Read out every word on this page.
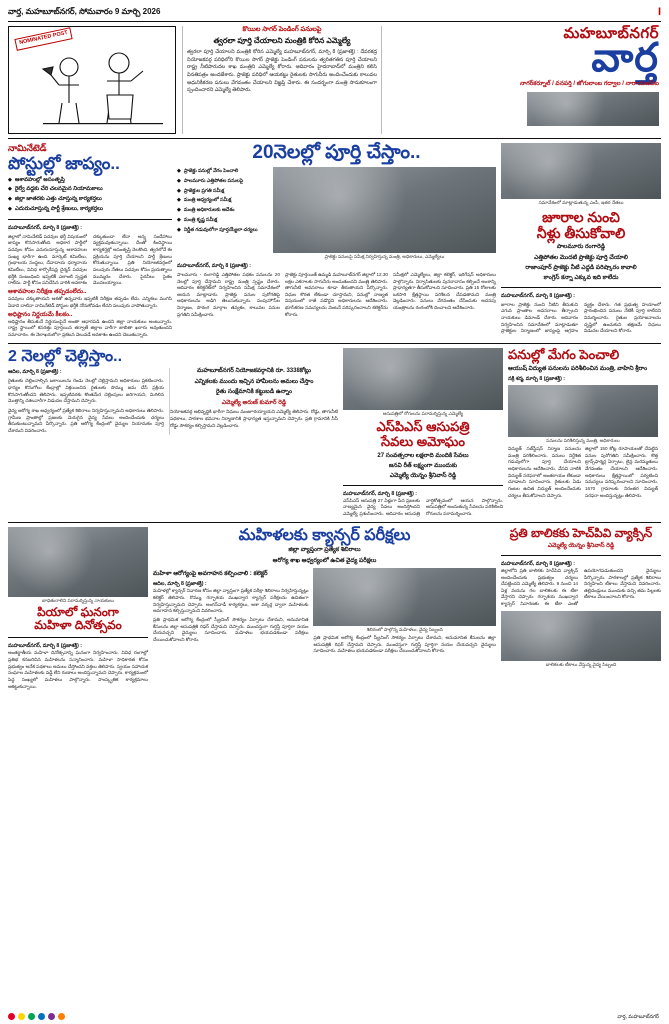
వార్త, మహబూబ్‌నగర్, సోమవారం 9 మార్చి 2026	I
NOMINATED POST
కొయిల సాగర్ పెండింగ్ పనులపై
త్వరలా పూర్తి చేయాలని మంత్రికి కోరిన ఎమ్మెల్యే
త్వరలా పూర్తి చేయాలని మంత్రికి కోరిన ఎమ్మెల్యే మహబూబ్‌నగర్, మార్చి 8 (ప్రజాశక్తి) : దేవరకద్ర నియోజకవర్గ పరిధిలోని కొయిల సాగర్ ప్రాజెక్టు పెండింగ్ పనులను త్వరితగతిన పూర్తి చేయాలని రాష్ట్ర నీటిపారుదల శాఖ మంత్రిని ఎమ్మెల్యే కోరారు. ఆదివారం హైదరాబాద్‌లో మంత్రిని కలిసి వినతిపత్రం అందజేశారు. ప్రాజెక్టు పరిధిలో ఆయకట్టు రైతులకు సాగునీరు అందించేందుకు కాలువల ఆధునికీకరణ పనులు వేగవంతం చేయాలని విజ్ఞప్తి చేశారు. ఈ సందర్భంగా మంత్రి సానుకూలంగా స్పందించారని ఎమ్మెల్యే తెలిపారు.
మహబూబ్‌నగర్
వార్త
నాగర్‌కర్నూల్ / వనపర్తి / జోగులాంబ గద్వాల / నారాయణపేట
నామినేటెడ్
పోస్టుల్లో జాప్యం..
◆ ఆశావహుల్లో అసంతృప్తి
◆ రైల్వే వద్దకు చేరి చలనమైన నియామకాలు
◆ జిల్లా జాతరకు ఎత్తు చూస్తున్న కార్యకర్తలు
◆ ఎదురుచూస్తున్న పార్టీ శ్రేణులు, కార్యకర్తలు
మహబూబ్‌నగర్, మార్చి 8 (ప్రజాశక్తి) :
జిల్లాలో నామినేటెడ్ పదవుల భర్తీ విషయంలో జాప్యం కొనసాగుతోంది. అధికార పార్టీలో పదవుల కోసం ఎదురుచూస్తున్న ఆశావహుల సంఖ్య భారీగా ఉంది. మార్కెట్ కమిటీలు, గ్రంథాలయ సంస్థలు, దేవాదాయ ధర్మాదాయ కమిటీలు, వివిధ కార్పొరేషన్ల చైర్మన్ పదవుల భర్తీకి సంబంధించి ఇప్పటికీ ఎలాంటి స్పష్టత రాలేదు. పార్టీ కోసం పనిచేసిన వారికి అవకాశం దక్కుతుందా లేదా అన్న సందేహాలు వ్యక్తమవుతున్నాయి. దీంతో కిందిస్థాయి కార్యకర్తల్లో అసంతృప్తి నెలకొంది. త్వరలోనే ఈ ప్రక్రియను పూర్తి చేయాలని పార్టీ శ్రేణులు కోరుతున్నాయి. ప్రతి నియోజకవర్గంలో పలువురు నేతలు పదవుల కోసం ప్రయత్నాలు ముమ్మరం చేశారు. పైరవీలు సైతం మొదలయ్యాయి.
ఆశావహుల నిరీక్షణ తప్పడంలేదు..
పదవులు దక్కుతాయని ఆశతో ఉన్నవారు ఇప్పటికీ నిరీక్షణ తప్పడం లేదు. ఎన్నికలు ముగిసి ఏడాది దాటినా నామినేటెడ్ పోస్టుల భర్తీకి నోచుకోవడం లేదని పలువురు వాపోతున్నారు.
అధిష్టానం నిర్ణయమే కీలకం..
అధిష్టానం తీసుకునే నిర్ణయంపైనే అంతా ఆధారపడి ఉందని జిల్లా నాయకులు అంటున్నారు. రాష్ట్ర స్థాయిలో కసరత్తు పూర్తయిన తర్వాతే జిల్లాల వారీగా జాబితా ఖరారు అవుతుందని సమాచారం. ఈ నెలాఖరులోగా ప్రకటన వెలువడే అవకాశం ఉందని చెబుతున్నారు.
20నెలల్లో పూర్తి చేస్తాం..
◆ ప్రాజెక్టు పనుల్లో వేగం పెంచాలి
◆ పాలమూరు ఎత్తిపోతల పనులపై
◆ ప్రాజెక్టుల ప్రగతి సమీక్ష
◆ మంత్రి ఆధ్వర్యంలో సమీక్ష
◆ మంత్రి అధికారులకు ఆదేశం
◆ మంత్రి కృష్ణ సమీక్ష
◆ నిర్ణీత గడువులోగా పూర్తయ్యేలా చర్యలు
ప్రాజెక్టు పనులపై సమీక్ష నిర్వహిస్తున్న మంత్రి, అధికారులు, ఎమ్మెల్యేలు
మహబూబ్‌నగర్, మార్చి 8 (ప్రజాశక్తి) :
పాలమూరు - రంగారెడ్డి ఎత్తిపోతల పథకం పనులను 20 నెలల్లో పూర్తి చేస్తామని రాష్ట్ర మంత్రి స్పష్టం చేశారు. ఆదివారం కలెక్టరేట్‌లో నిర్వహించిన సమీక్ష సమావేశంలో ఆయన మాట్లాడారు. ప్రాజెక్టు పనుల పురోగతిపై అధికారులను అడిగి తెలుసుకున్నారు. పంపుహౌస్‌ల నిర్మాణం, సొరంగ మార్గాల తవ్వకం, కాలువల పనుల ప్రగతిని సమీక్షించారు.
ప్రాజెక్టు పూర్తయితే ఉమ్మడి మహబూబ్‌నగర్ జిల్లాలో 12.30 లక్షల ఎకరాలకు సాగునీరు అందుతుందని మంత్రి తెలిపారు. తాగునీటి అవసరాలు కూడా తీరుతాయని పేర్కొన్నారు. నిధుల కొరత లేకుండా చూస్తామని, పనుల్లో నాణ్యత విషయంలో రాజీ పడొద్దని అధికారులను ఆదేశించారు. భూసేకరణ సమస్యలను వెంటనే పరిష్కరించాలని కలెక్టర్‌ను కోరారు.
సమీక్షలో ఎమ్మెల్యేలు, జిల్లా కలెక్టర్, ఇరిగేషన్ అధికారులు పాల్గొన్నారు. నిర్వాసితులకు పునరావాసం కల్పించే అంశాన్ని ప్రాధాన్యతగా తీసుకోవాలని సూచించారు. ప్రతి 15 రోజులకు ఒకసారి క్షేత్రస్థాయి పరిశీలన చేపడతామని మంత్రి వెల్లడించారు. పనులు వేగవంతం చేసేందుకు అదనపు యంత్రాలను రంగంలోకి దించాలని ఆదేశించారు.
సమావేశంలో మాట్లాడుతున్న ఎంపీ, ఇతర నేతలు
జూరాల నుంచి
నీళ్లు తీసుకోవాలి
పాలమూరు రంగారెడ్డి
ఎత్తిపోతల మొదటి ప్రాజెక్టు పూర్తి చేయాలి
రాజాంపూర్ ప్రాజెక్టు నీటి ఎద్దడి పరిష్కారం కావాలి
కాంగ్రెస్ కన్నా ఎక్కువ ఇది కాలేదు
మహబూబ్‌నగర్, మార్చి 8 (ప్రజాశక్తి) :
జూరాల ప్రాజెక్టు నుంచి నీటిని తీసుకుని ఎగువ ప్రాంతాల అవసరాలు తీర్చాలని నాయకులు డిమాండ్ చేశారు. ఆదివారం నిర్వహించిన సమావేశంలో మాట్లాడుతూ ప్రాజెక్టుల నిర్మాణంలో జాప్యంపై ఆగ్రహం వ్యక్తం చేశారు. గత ప్రభుత్వ హయాంలో ప్రారంభించిన పనులు నేటికీ పూర్తి కాలేదని విమర్శించారు. రైతుల ప్రయోజనాలను దృష్టిలో ఉంచుకుని తక్షణమే నిధులు విడుదల చేయాలని కోరారు.
2 నెలల్లో చెల్లిస్తాం..
ఆదిల, మార్చి 8 (ప్రజాశక్తి) :
రైతులకు చెల్లించాల్సిన బకాయిలను రెండు నెలల్లో చెల్లిస్తామని అధికారులు ప్రకటించారు. ధాన్యం కొనుగోలు కేంద్రాల్లో విక్రయించిన రైతులకు సొమ్ము జమ చేసే ప్రక్రియ కొనసాగుతోందని తెలిపారు. ఇప్పటివరకు కొంతమేర చెల్లింపులు జరిగాయని, మిగిలిన మొత్తాన్ని దశలవారీగా విడుదల చేస్తామని చెప్పారు.
వైద్య ఆరోగ్య శాఖ ఆధ్వర్యంలో ప్రత్యేక శిబిరాలు నిర్వహిస్తున్నామని అధికారులు తెలిపారు. గ్రామీణ ప్రాంతాల్లో ప్రజలకు మెరుగైన వైద్య సేవలు అందించేందుకు చర్యలు తీసుకుంటున్నామని పేర్కొన్నారు. ప్రతి ఆరోగ్య కేంద్రంలో వైద్యుల నియామకం పూర్తి చేశామని వివరించారు.
మహబూబ్‌నగర్ నియోజకవర్గానికి రూ. 3338కోట్లు
ఎన్నికలకు ముందు ఇచ్చిన హామీలను అమలు చేస్తాం
రైతు సంక్షేమానికి కట్టుబడి ఉన్నాం
ఎమ్మెల్యే అరుణ్‌ కుమార్ రెడ్డి
నియోజకవర్గ అభివృద్ధికి భారీగా నిధులు మంజూరయ్యాయని ఎమ్మెల్యే తెలిపారు. రోడ్లు, తాగునీటి పథకాలు, పాఠశాల భవనాల నిర్మాణానికి ప్రాధాన్యత ఇస్తున్నామని చెప్పారు. ప్రతి గ్రామానికి సీసీ రోడ్డు సౌకర్యం కల్పిస్తామని వెల్లడించారు.
ఆసుపత్రిలో రోగులను పరామర్శిస్తున్న ఎమ్మెల్యే
ఎస్‌పిఎస్ ఆసుపత్రి
సేవలు అమోఘం
27 సంవత్సరాల లక్షలాది మందికి సేవలు
జనవి రీత్ లక్ష్యంగా ముందుకు
ఎమ్మెల్యే యెన్నం శ్రీనివాస్ రెడ్డి
మహబూబ్‌నగర్, మార్చి 8 (ప్రజాశక్తి) :
ఎస్‌పిఎస్ ఆసుపత్రి 27 ఏళ్లుగా పేద ప్రజలకు నాణ్యమైన వైద్య సేవలు అందిస్తోందని ఎమ్మెల్యే ప్రశంసించారు. ఆదివారం ఆసుపత్రి వార్షికోత్సవంలో ఆయన పాల్గొన్నారు. ఆసుపత్రిలో అందుతున్న సేవలను పరిశీలించి రోగులను పరామర్శించారు.
పనుల్లో మేగం పెంచాలి
ఆయుష్ విద్యుత పనులను పరిశీలించిన మంత్రి, వాహిని శ్రీరాం
నక్రి శర్మ, మార్చి 8 (ప్రజాశక్తి) :
పనులను పరిశీలిస్తున్న మంత్రి, అధికారులు
విద్యుత్ సబ్‌స్టేషన్ నిర్మాణ పనులను మంత్రి పరిశీలించారు. పనులు నిర్దేశిత గడువులోగా పూర్తి చేయాలని అధికారులను ఆదేశించారు. వేసవి నాటికి విద్యుత్ సరఫరాలో అంతరాయం లేకుండా చూడాలని సూచించారు. రైతులకు ఏడు గంటల ఉచిత విద్యుత్ అందించేందుకు చర్యలు తీసుకోవాలని చెప్పారు.
జిల్లాలో 150 కోట్ల రూపాయలతో చేపట్టిన పనుల పురోగతిని సమీక్షించారు. కొత్త ట్రాన్స్‌ఫార్మర్ల ఏర్పాటు, లైన్ల మరమ్మతులు వేగవంతం చేయాలని ఆదేశించారు. అధికారులు క్షేత్రస్థాయిలో పర్యటించి సమస్యలు పరిష్కరించాలని సూచించారు. 1670 గ్రామాలకు నిరంతర విద్యుత్ సరఫరా అందిస్తున్నట్లు తెలిపారు.
బాధితురాలిని పరామర్శిస్తున్న నాయకులు
పియాలో ఘనంగా
మహిళా దినోత్సవం
మహబూబ్‌నగర్, మార్చి 8 (ప్రజాశక్తి) :
అంతర్జాతీయ మహిళా దినోత్సవాన్ని ఘనంగా నిర్వహించారు. వివిధ రంగాల్లో ప్రతిభ కనబరిచిన మహిళలను సన్మానించారు. మహిళా సాధికారత కోసం ప్రభుత్వం అనేక పథకాలు అమలు చేస్తోందని వక్తలు తెలిపారు. స్వయం సహాయక సంఘాల మహిళలకు వడ్డీ లేని రుణాలు అందిస్తున్నామని చెప్పారు. కార్యక్రమంలో పెద్ద సంఖ్యలో మహిళలు పాల్గొన్నారు. సాంస్కృతిక కార్యక్రమాలు ఆకట్టుకున్నాయి.
మహిళలకు క్యాన్సర్ పరీక్షలు
జిల్లా వ్యాప్తంగా ప్రత్యేక శిబిరాలు
ఆరోగ్య శాఖ ఆధ్వర్యంలో ఉచిత వైద్య పరీక్షలు
మహిళా ఆరోగ్యంపై అవగాహన కల్పించాలి : కలెక్టర్
ఆదిల, మార్చి 8 (ప్రజాశక్తి) :
మహిళల్లో క్యాన్సర్ నివారణ కోసం జిల్లా వ్యాప్తంగా ప్రత్యేక పరీక్షా శిబిరాలు నిర్వహిస్తున్నట్లు కలెక్టర్ తెలిపారు. రొమ్ము, గర్భాశయ ముఖద్వార క్యాన్సర్ పరీక్షలను ఉచితంగా నిర్వహిస్తున్నామని చెప్పారు. అంగన్‌వాడీ కార్యకర్తలు, ఆశా వర్కర్ల ద్వారా మహిళలకు అవగాహన కల్పిస్తున్నామని వివరించారు.
ప్రతి ప్రాథమిక ఆరోగ్య కేంద్రంలో స్క్రీనింగ్ సౌకర్యం ఏర్పాటు చేశామని, అనుమానిత కేసులను జిల్లా ఆసుపత్రికి రిఫర్ చేస్తామని చెప్పారు. ముందస్తుగా గుర్తిస్తే పూర్తిగా నయం చేయవచ్చని వైద్యులు సూచించారు. మహిళలు భయపడకుండా పరీక్షలు చేయించుకోవాలని కోరారు.
శిబిరంలో పాల్గొన్న మహిళలు, వైద్య సిబ్బంది
ప్రతి ప్రాథమిక ఆరోగ్య కేంద్రంలో స్క్రీనింగ్ సౌకర్యం ఏర్పాటు చేశామని, అనుమానిత కేసులను జిల్లా ఆసుపత్రికి రిఫర్ చేస్తామని చెప్పారు. ముందస్తుగా గుర్తిస్తే పూర్తిగా నయం చేయవచ్చని వైద్యులు సూచించారు. మహిళలు భయపడకుండా పరీక్షలు చేయించుకోవాలని కోరారు.
ప్రతి బాలికకు హెచ్‌పివి వ్యాక్సిన్
ఎమ్మెల్యే యెన్నం శ్రీనివాస్ రెడ్డి
మహబూబ్‌నగర్, మార్చి 8 (ప్రజాశక్తి) :
జిల్లాలోని ప్రతి బాలికకు హెచ్‌పివి వ్యాక్సిన్ అందించేందుకు ప్రభుత్వం చర్యలు చేపట్టిందని ఎమ్మెల్యే తెలిపారు. 9 నుంచి 14 ఏళ్ల వయసు గల బాలికలకు ఈ టీకా వేస్తారని చెప్పారు. గర్భాశయ ముఖద్వార క్యాన్సర్ నివారణకు ఈ టీకా ఎంతో ఉపయోగపడుతుందని వైద్యులు పేర్కొన్నారు. పాఠశాలల్లో ప్రత్యేక శిబిరాలు నిర్వహించి టీకాలు వేస్తామని వివరించారు. తల్లిదండ్రులు ముందుకు వచ్చి తమ పిల్లలకు టీకాలు వేయించాలని కోరారు.
బాలికలకు టీకాలు వేస్తున్న వైద్య సిబ్బంది
వార్త, మహబూబ్‌నగర్
